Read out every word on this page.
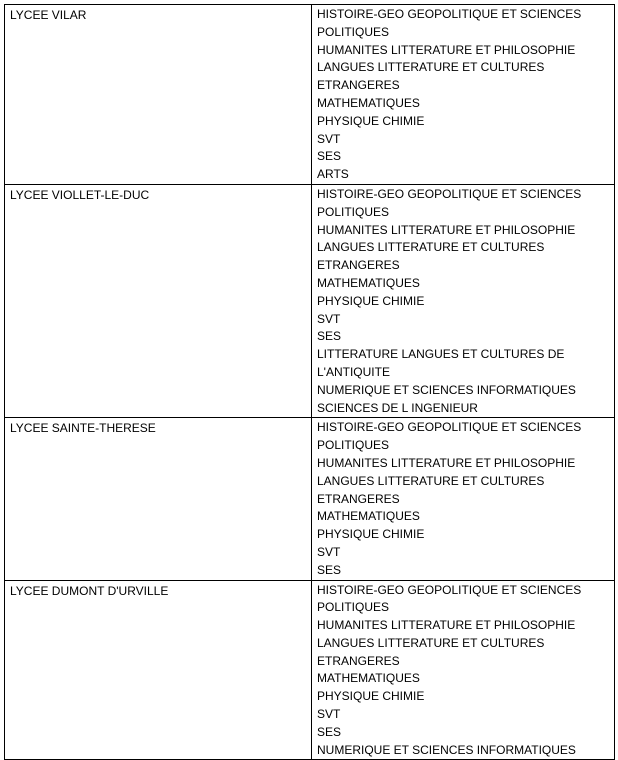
LYCEE VILAR	HISTOIRE-GEO GEOPOLITIQUE ET SCIENCES POLITIQUES
HUMANITES LITTERATURE ET PHILOSOPHIE
LANGUES LITTERATURE ET CULTURES ETRANGERES
MATHEMATIQUES
PHYSIQUE CHIMIE
SVT
SES
ARTS
LYCEE VIOLLET-LE-DUC	HISTOIRE-GEO GEOPOLITIQUE ET SCIENCES POLITIQUES
HUMANITES LITTERATURE ET PHILOSOPHIE
LANGUES LITTERATURE ET CULTURES ETRANGERES
MATHEMATIQUES
PHYSIQUE CHIMIE
SVT
SES
LITTERATURE LANGUES ET CULTURES DE L'ANTIQUITE
NUMERIQUE ET SCIENCES INFORMATIQUES
SCIENCES DE L INGENIEUR
LYCEE SAINTE-THERESE	HISTOIRE-GEO GEOPOLITIQUE ET SCIENCES POLITIQUES
HUMANITES LITTERATURE ET PHILOSOPHIE
LANGUES LITTERATURE ET CULTURES ETRANGERES
MATHEMATIQUES
PHYSIQUE CHIMIE
SVT
SES
LYCEE DUMONT D'URVILLE	HISTOIRE-GEO GEOPOLITIQUE ET SCIENCES POLITIQUES
HUMANITES LITTERATURE ET PHILOSOPHIE
LANGUES LITTERATURE ET CULTURES ETRANGERES
MATHEMATIQUES
PHYSIQUE CHIMIE
SVT
SES
NUMERIQUE ET SCIENCES INFORMATIQUES
